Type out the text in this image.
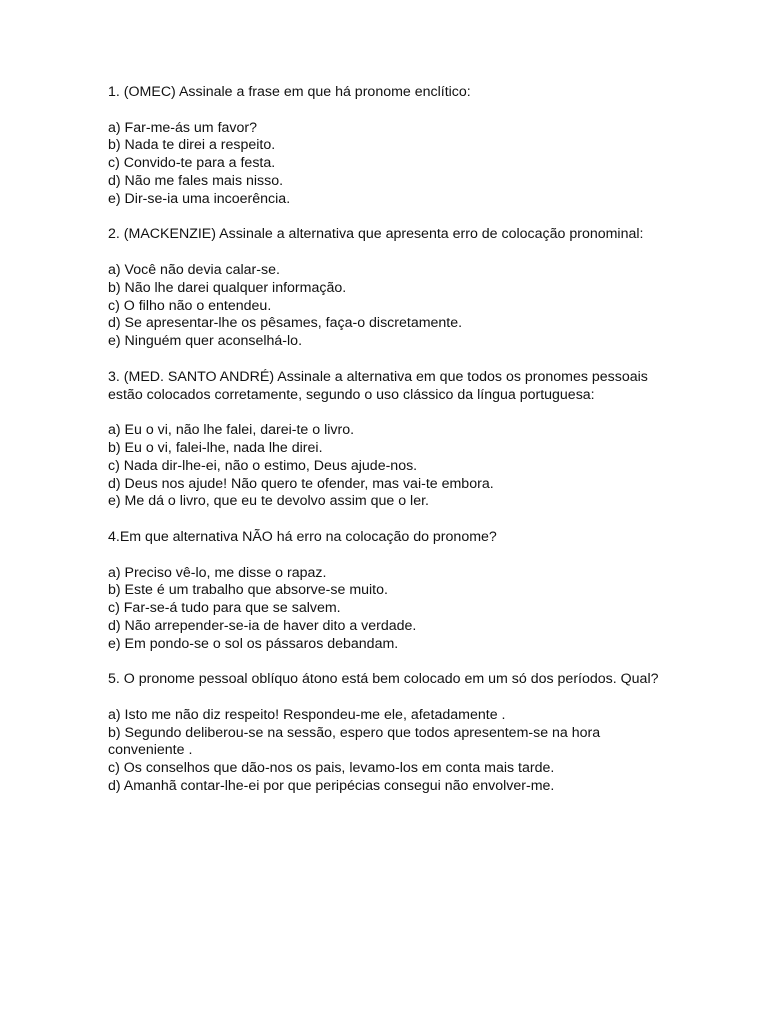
1. (OMEC) Assinale a frase em que há pronome enclítico:

a) Far-me-ás um favor?

b) Nada te direi a respeito.

c) Convido-te para a festa.

d) Não me fales mais nisso.

e) Dir-se-ia uma incoerência.

2. (MACKENZIE) Assinale a alternativa que apresenta erro de colocação pronominal:

a) Você não devia calar-se.

b) Não lhe darei qualquer informação.

c) O filho não o entendeu.

d) Se apresentar-lhe os pêsames, faça-o discretamente.

e) Ninguém quer aconselhá-lo.

3. (MED. SANTO ANDRÉ) Assinale a alternativa em que todos os pronomes pessoais estão colocados corretamente, segundo o uso clássico da língua portuguesa:

a) Eu o vi, não lhe falei, darei-te o livro.

b) Eu o vi, falei-lhe, nada lhe direi.

c) Nada dir-lhe-ei, não o estimo, Deus ajude-nos.

d) Deus nos ajude! Não quero te ofender, mas vai-te embora.

e) Me dá o livro, que eu te devolvo assim que o ler.

4.Em que alternativa NÃO há erro na colocação do pronome?

a) Preciso vê-lo, me disse o rapaz.

b) Este é um trabalho que absorve-se muito.

c) Far-se-á tudo para que se salvem.

d) Não arrepender-se-ia de haver dito a verdade.

e) Em pondo-se o sol os pássaros debandam.

5. O pronome pessoal oblíquo átono está bem colocado em um só dos períodos. Qual?

a) Isto me não diz respeito! Respondeu-me ele, afetadamente .

b) Segundo deliberou-se na sessão, espero que todos apresentem-se na hora conveniente .

c) Os conselhos que dão-nos os pais, levamo-los em conta mais tarde.

d) Amanhã contar-lhe-ei por que peripécias consegui não envolver-me.
